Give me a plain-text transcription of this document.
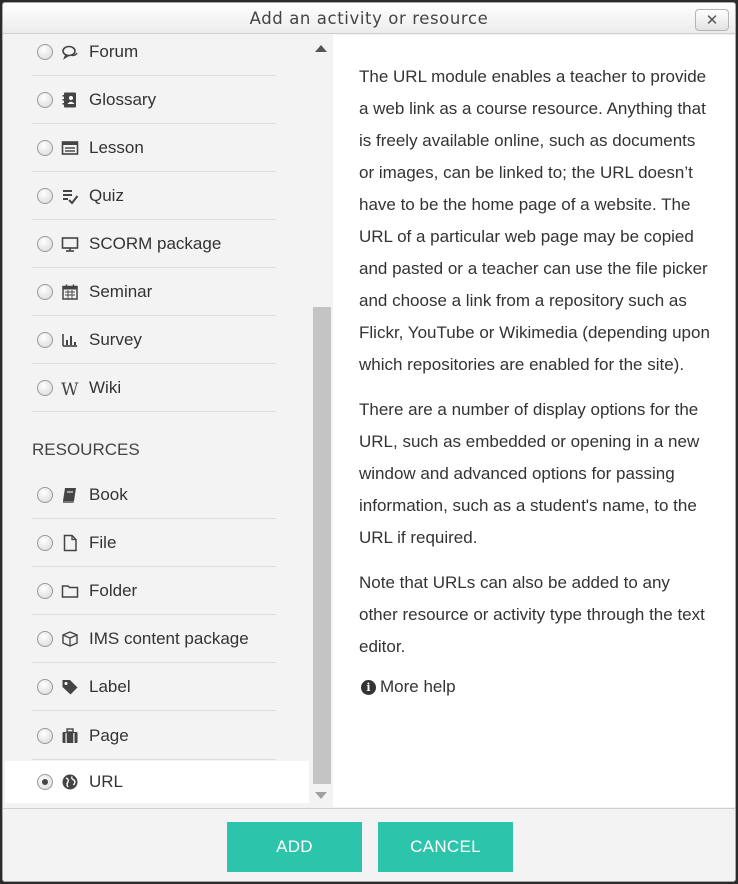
Add an activity or resource	✕
Forum
Glossary
Lesson
Quiz
SCORM package
Seminar
Survey
W Wiki
RESOURCES
Book
File
Folder
IMS content package
Label
Page
URL

The URL module enables a teacher to provide a web link as a course resource. Anything that is freely available online, such as documents or images, can be linked to; the URL doesn’t have to be the home page of a website. The URL of a particular web page may be copied and pasted or a teacher can use the file picker and choose a link from a repository such as Flickr, YouTube or Wikimedia (depending upon which repositories are enabled for the site).

There are a number of display options for the URL, such as embedded or opening in a new window and advanced options for passing information, such as a student's name, to the URL if required.

Note that URLs can also be added to any other resource or activity type through the text editor.

i More help
ADD	CANCEL
